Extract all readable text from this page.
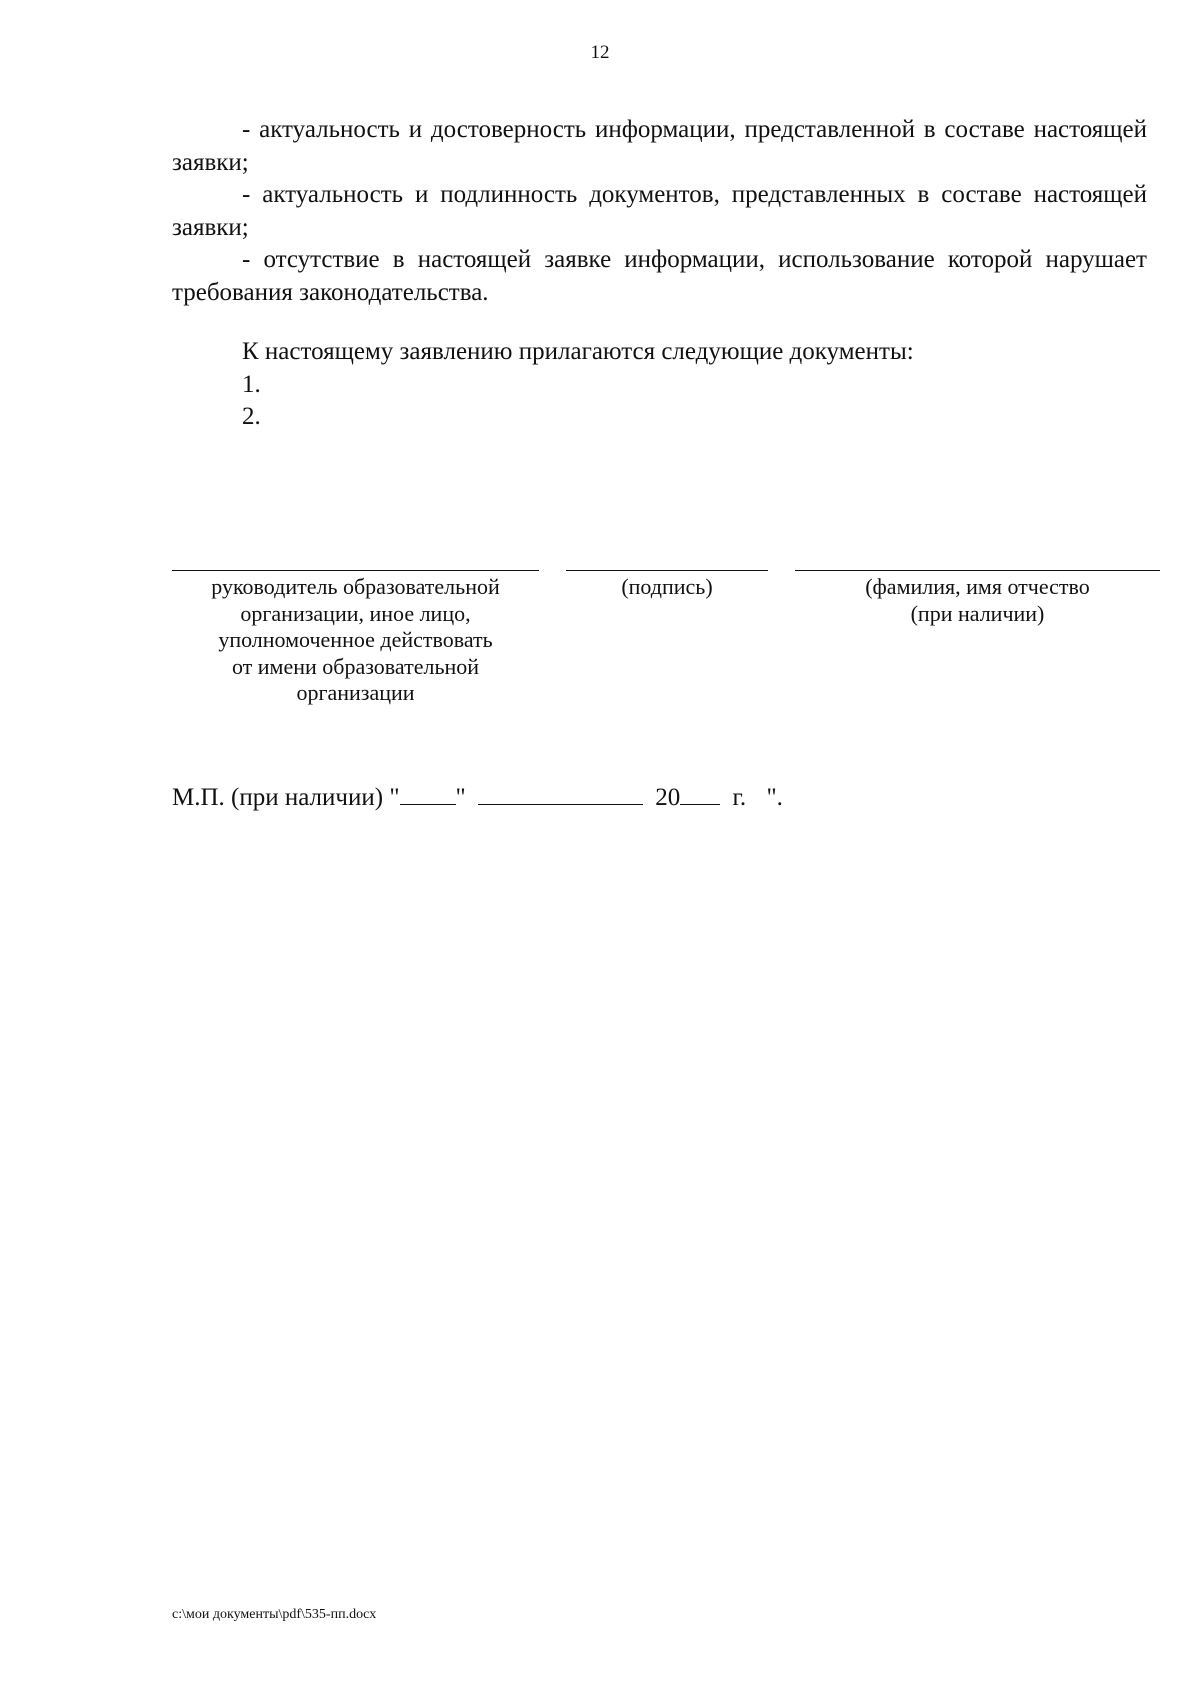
12

- актуальность и достоверность информации, представленной в составе настоящей заявки;

- актуальность и подлинность документов, представленных в составе настоящей заявки;

- отсутствие в настоящей заявке информации, использование которой нарушает требования законодательства.

К настоящему заявлению прилагаются следующие документы:

1.
2.
руководитель образовательной
организации, иное лицо,
уполномоченное действовать
от имени образовательной
организации
(подпись)	(фамилия, имя отчество
(при наличии)
М.П. (при наличии) " "	20 г. ".
c:\мои документы\pdf\535-пп.docx
